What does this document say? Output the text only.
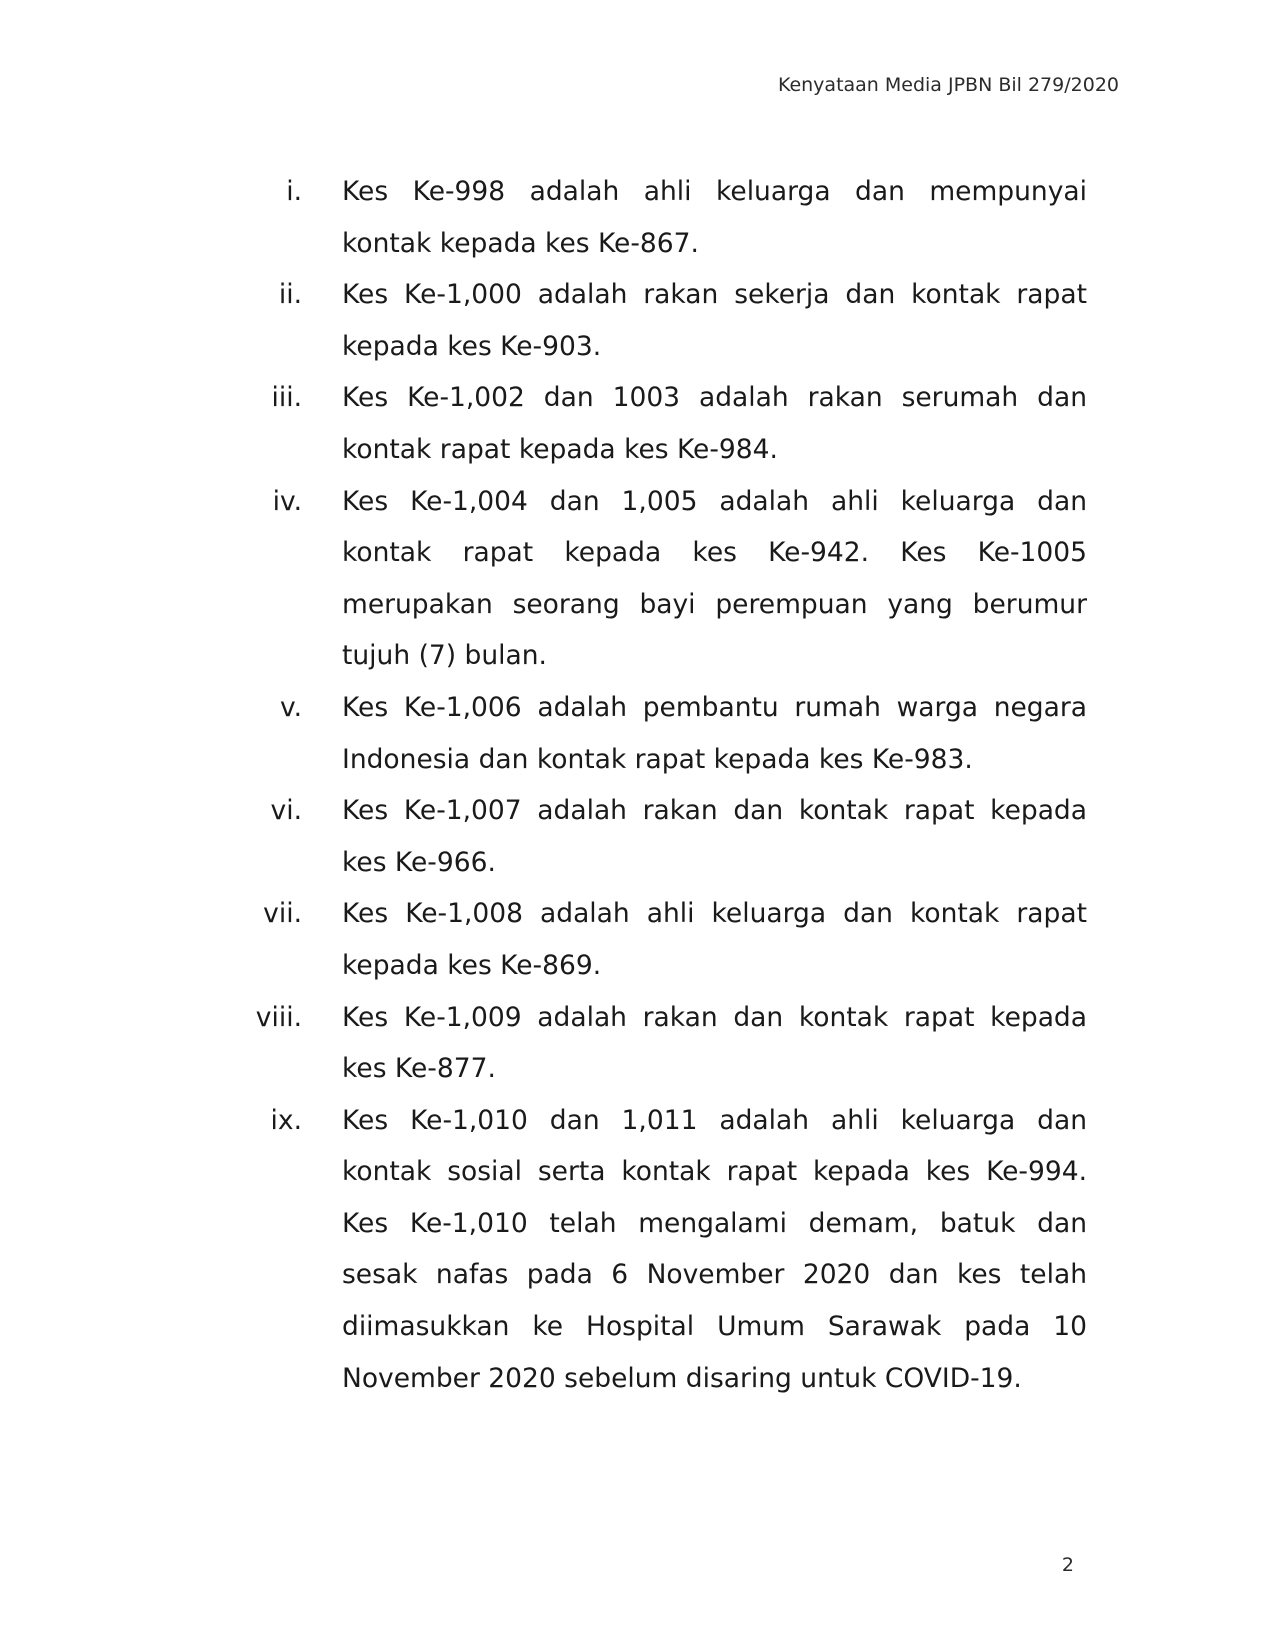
Kenyataan Media JPBN Bil 279/2020
i.	Kes Ke-998 adalah ahli keluarga dan mempunyai kontak kepada kes Ke-867.

ii.	Kes Ke-1,000 adalah rakan sekerja dan kontak rapat kepada kes Ke-903.

iii.	Kes Ke-1,002 dan 1003 adalah rakan serumah dan kontak rapat kepada kes Ke-984.

iv.	Kes Ke-1,004 dan 1,005 adalah ahli keluarga dan kontak rapat kepada kes Ke-942. Kes Ke-1005 merupakan seorang bayi perempuan yang berumur tujuh (7) bulan.

v.	Kes Ke-1,006 adalah pembantu rumah warga negara Indonesia dan kontak rapat kepada kes Ke-983.

vi.	Kes Ke-1,007 adalah rakan dan kontak rapat kepada kes Ke-966.

vii.	Kes Ke-1,008 adalah ahli keluarga dan kontak rapat kepada kes Ke-869.

viii.	Kes Ke-1,009 adalah rakan dan kontak rapat kepada kes Ke-877.

ix.	Kes Ke-1,010 dan 1,011 adalah ahli keluarga dan kontak sosial serta kontak rapat kepada kes Ke-994. Kes Ke-1,010 telah mengalami demam, batuk dan sesak nafas pada 6 November 2020 dan kes telah diimasukkan ke Hospital Umum Sarawak pada 10 November 2020 sebelum disaring untuk COVID-19.

2
